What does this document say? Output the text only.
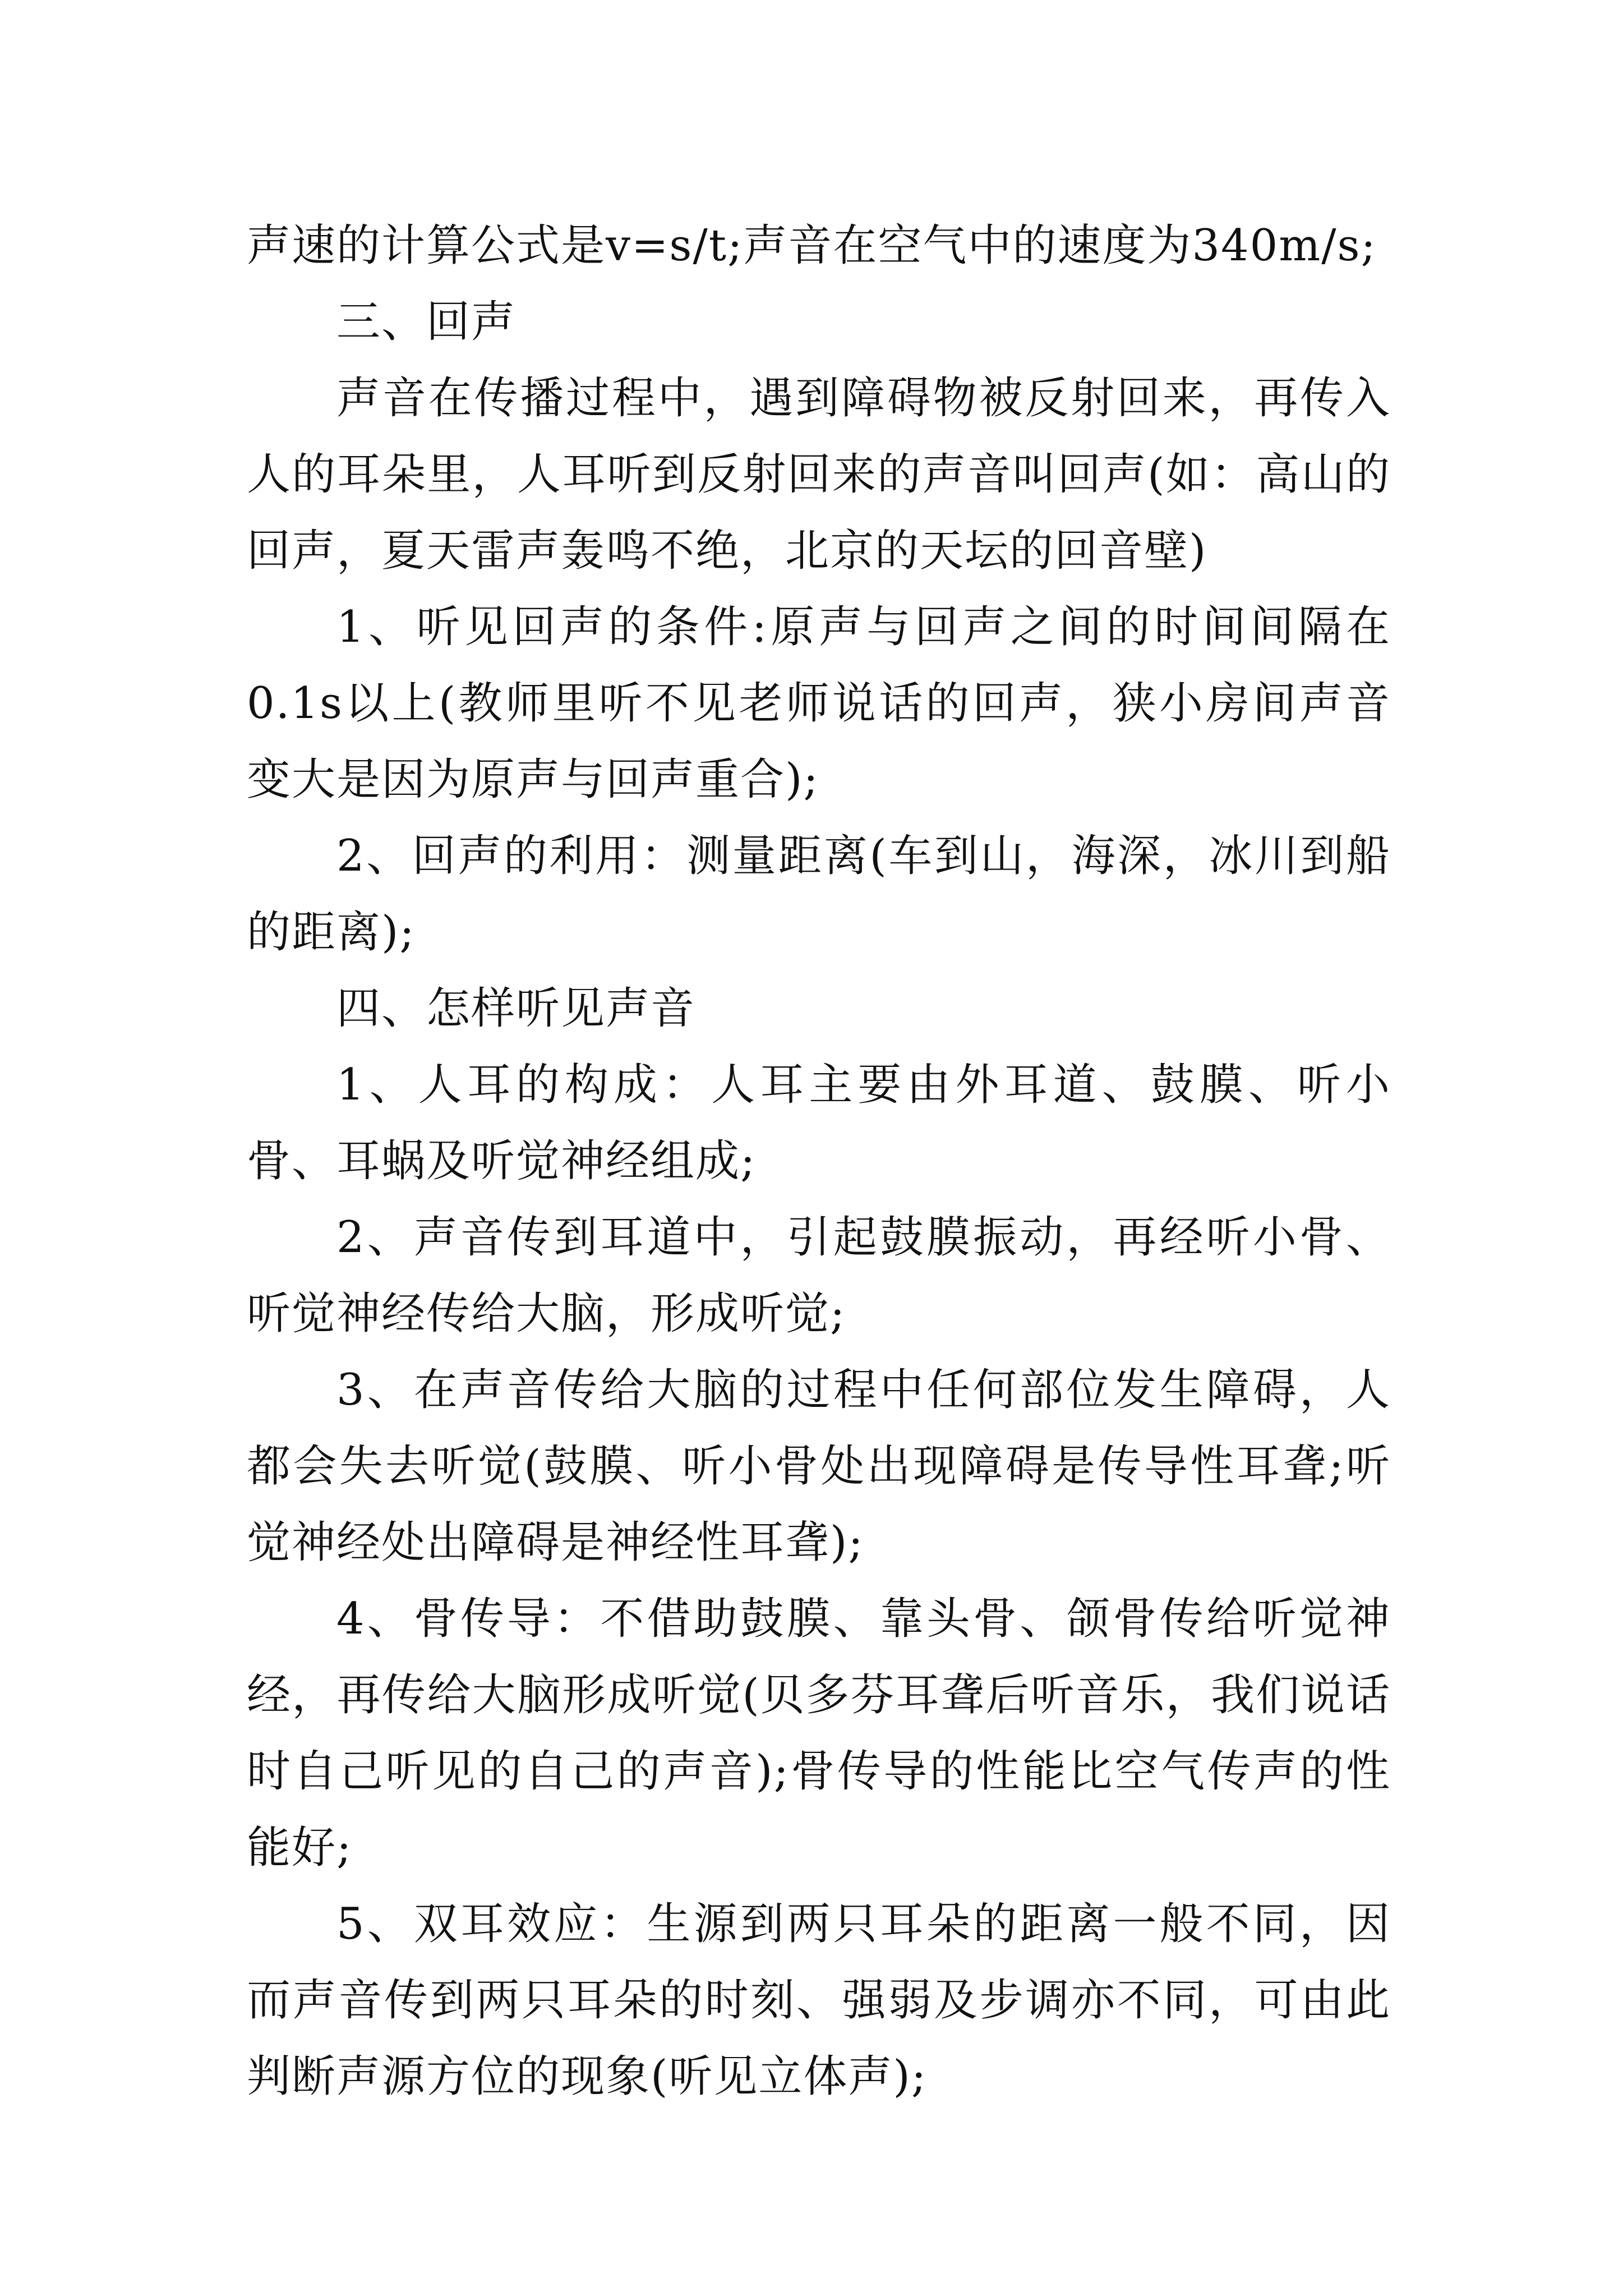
声速的计算公式是v=s/t;声音在空气中的速度为340m/s;

三、回声

声音在传播过程中，遇到障碍物被反射回来，再传入人的耳朵里，人耳听到反射回来的声音叫回声(如：高山的回声，夏天雷声轰鸣不绝，北京的天坛的回音壁)

1、听见回声的条件:原声与回声之间的时间间隔在0.1s以上(教师里听不见老师说话的回声，狭小房间声音变大是因为原声与回声重合);

2、回声的利用：测量距离(车到山，海深，冰川到船的距离);

四、怎样听见声音

1、人耳的构成：人耳主要由外耳道、鼓膜、听小骨、耳蜗及听觉神经组成;

2、声音传到耳道中，引起鼓膜振动，再经听小骨、听觉神经传给大脑，形成听觉;

3、在声音传给大脑的过程中任何部位发生障碍，人都会失去听觉(鼓膜、听小骨处出现障碍是传导性耳聋;听觉神经处出障碍是神经性耳聋);

4、骨传导：不借助鼓膜、靠头骨、颌骨传给听觉神经，再传给大脑形成听觉(贝多芬耳聋后听音乐，我们说话时自己听见的自己的声音);骨传导的性能比空气传声的性能好;

5、双耳效应：生源到两只耳朵的距离一般不同，因而声音传到两只耳朵的时刻、强弱及步调亦不同，可由此判断声源方位的现象(听见立体声);
